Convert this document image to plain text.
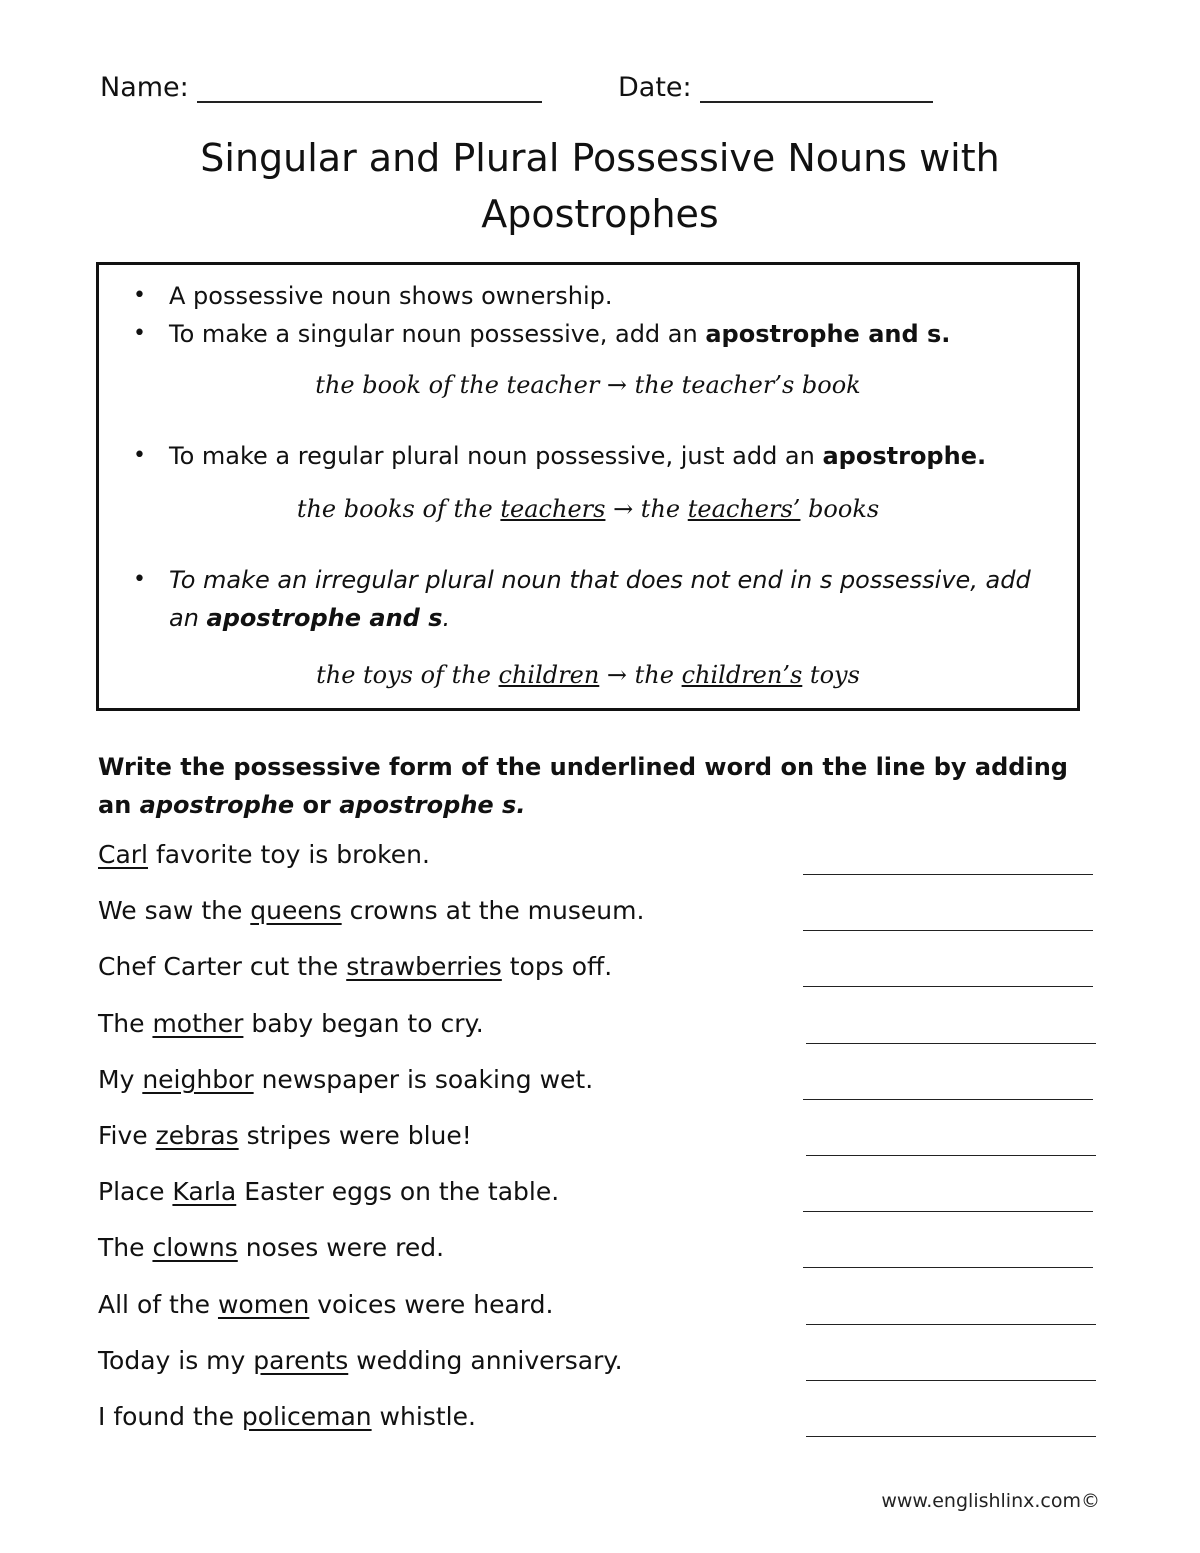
Name:	Date:
Singular and Plural Possessive Nouns with Apostrophes
• A possessive noun shows ownership.
• To make a singular noun possessive, add an apostrophe and s.
the book of the teacher → the teacher’s book
• To make a regular plural noun possessive, just add an apostrophe.
the books of the teachers → the teachers’ books
• To make an irregular plural noun that does not end in s possessive, add an apostrophe and s.
the toys of the children → the children’s toys
Write the possessive form of the underlined word on the line by adding an apostrophe or apostrophe s.
Carl favorite toy is broken.
We saw the queens crowns at the museum.
Chef Carter cut the strawberries tops off.
The mother baby began to cry.
My neighbor newspaper is soaking wet.
Five zebras stripes were blue!
Place Karla Easter eggs on the table.
The clowns noses were red.
All of the women voices were heard.
Today is my parents wedding anniversary.
I found the policeman whistle.
www.englishlinx.com©
